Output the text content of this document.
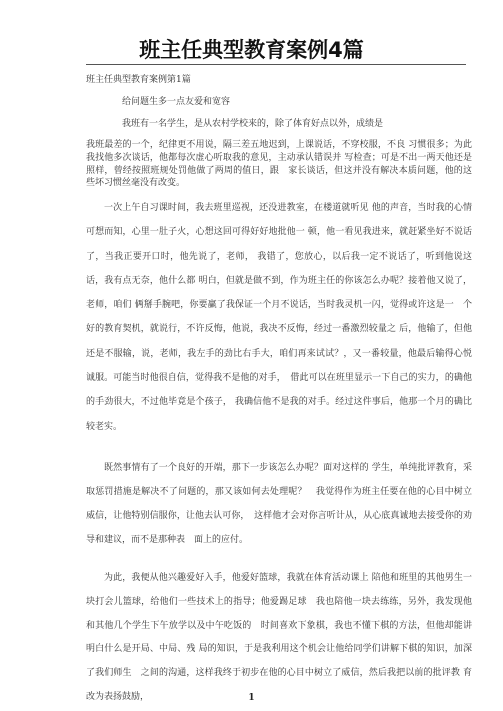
班主任典型教育案例4篇
班主任典型教育案例第1篇
给问题生多一点友爱和宽容
我班有一名学生，是从农村学校来的，除了体育好点以外，成绩是
我班最差的一个，纪律更不用说，隔三差五地迟到，上课说话，不穿校服，不良 习惯很多；为此我找他多次谈话，他都每次虚心听取我的意见，主动承认错误并 写检查；可是不出一两天他还是照样，曾经按照班规处罚他做了两周的值日，跟　家长谈话，但这并没有解决本质问题，他的这些坏习惯丝毫没有改变。
一次上午自习课时间，我去班里巡视，还没进教室，在楼道就听见 他的声音，当时我的心情可想而知，心里一肚子火，心想这回可得好好地批他一 顿，他一看见我进来，就赶紧坐好不说话了，当我正要开口时，他先说了，老师， 我错了，您放心，以后我一定不说话了，听到他说这话，我有点无奈，他什么都 明白，但就是做不到，作为班主任的你该怎么办呢？接着他又说了，老师，咱们 俩掰手腕吧，你要赢了我保证一个月不说话，当时我灵机一闪，觉得或许这是一　个好的教育契机，就说行，不许反悔，他说，我决不反悔，经过一番激烈较量之 后，他输了，但他还是不服输，说，老师，我左手的劲比右手大，咱们再来试试？，又一番较量，他最后输得心悦诚服。可能当时他很自信，觉得我不是他的对手，　借此可以在班里显示一下自己的实力，的确他的手劲很大，不过他毕竟是个孩子， 我确信他不是我的对手。经过这件事后，他那一个月的确比较老实。
既然事情有了一个良好的开端，那下一步该怎么办呢？面对这样的 学生，单纯批评教育，采取惩罚措施是解决不了问题的，那又该如何去处理呢？　我觉得作为班主任要在他的心目中树立威信，让他特别信服你，让他去认可你，　这样他才会对你言听计从，从心底真诚地去接受你的劝导和建议，而不是那种表　面上的应付。
为此，我便从他兴趣爱好入手，他爱好篮球，我就在体育活动课上 陪他和班里的其他男生一块打会儿篮球，给他们一些技术上的指导；他爱踢足球　我也陪他一块去练练，另外，我发现他和其他几个学生下午放学以及中午吃饭的　时间喜欢下象棋，我也不懂下棋的方法，但他却能讲明白什么是开局、中局、残 局的知识，于是我利用这个机会让他给同学们讲解下棋的知识，加深了我们师生　之间的沟通，这样我终于初步在他的心目中树立了威信，然后我把以前的批评教 育改为表扬鼓励，	1
